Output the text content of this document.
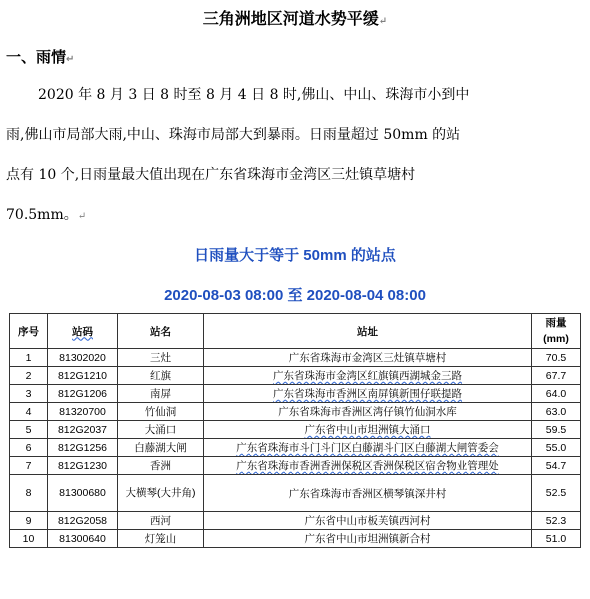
三角洲地区河道水势平缓↵
一、雨情↵
2020 年 8 月 3 日 8 时至 8 月 4 日 8 时,佛山、中山、珠海市小到中
雨,佛山市局部大雨,中山、珠海市局部大到暴雨。日雨量超过 50mm 的站
点有 10 个,日雨量最大值出现在广东省珠海市金湾区三灶镇草塘村
70.5mm。↵
日雨量大于等于 50mm 的站点
2020-08-03 08:00 至 2020-08-04 08:00
序号	站码	站名	站址	雨量
(mm)
1	81302020	三灶	广东省珠海市金湾区三灶镇草塘村	70.5
2	812G1210	红旗	广东省珠海市金湾区红旗镇西湖城金三路	67.7
3	812G1206	南屏	广东省珠海市香洲区南屏镇新围仔联提路	64.0
4	81320700	竹仙洞	广东省珠海市香洲区湾仔镇竹仙洞水库	63.0
5	812G2037	大涌口	广东省中山市坦洲镇大涌口	59.5
6	812G1256	白藤湖大闸	广东省珠海市斗门斗门区白藤湖斗门区白藤湖大闸管委会	55.0
7	812G1230	香洲	广东省珠海市香洲香洲保税区香洲保税区宿舍物业管理处	54.7
8	81300680	大横琴(大井角)	广东省珠海市香洲区横琴镇深井村	52.5
9	812G2058	西河	广东省中山市板芙镇西河村	52.3
10	81300640	灯笼山	广东省中山市坦洲镇新合村	51.0
